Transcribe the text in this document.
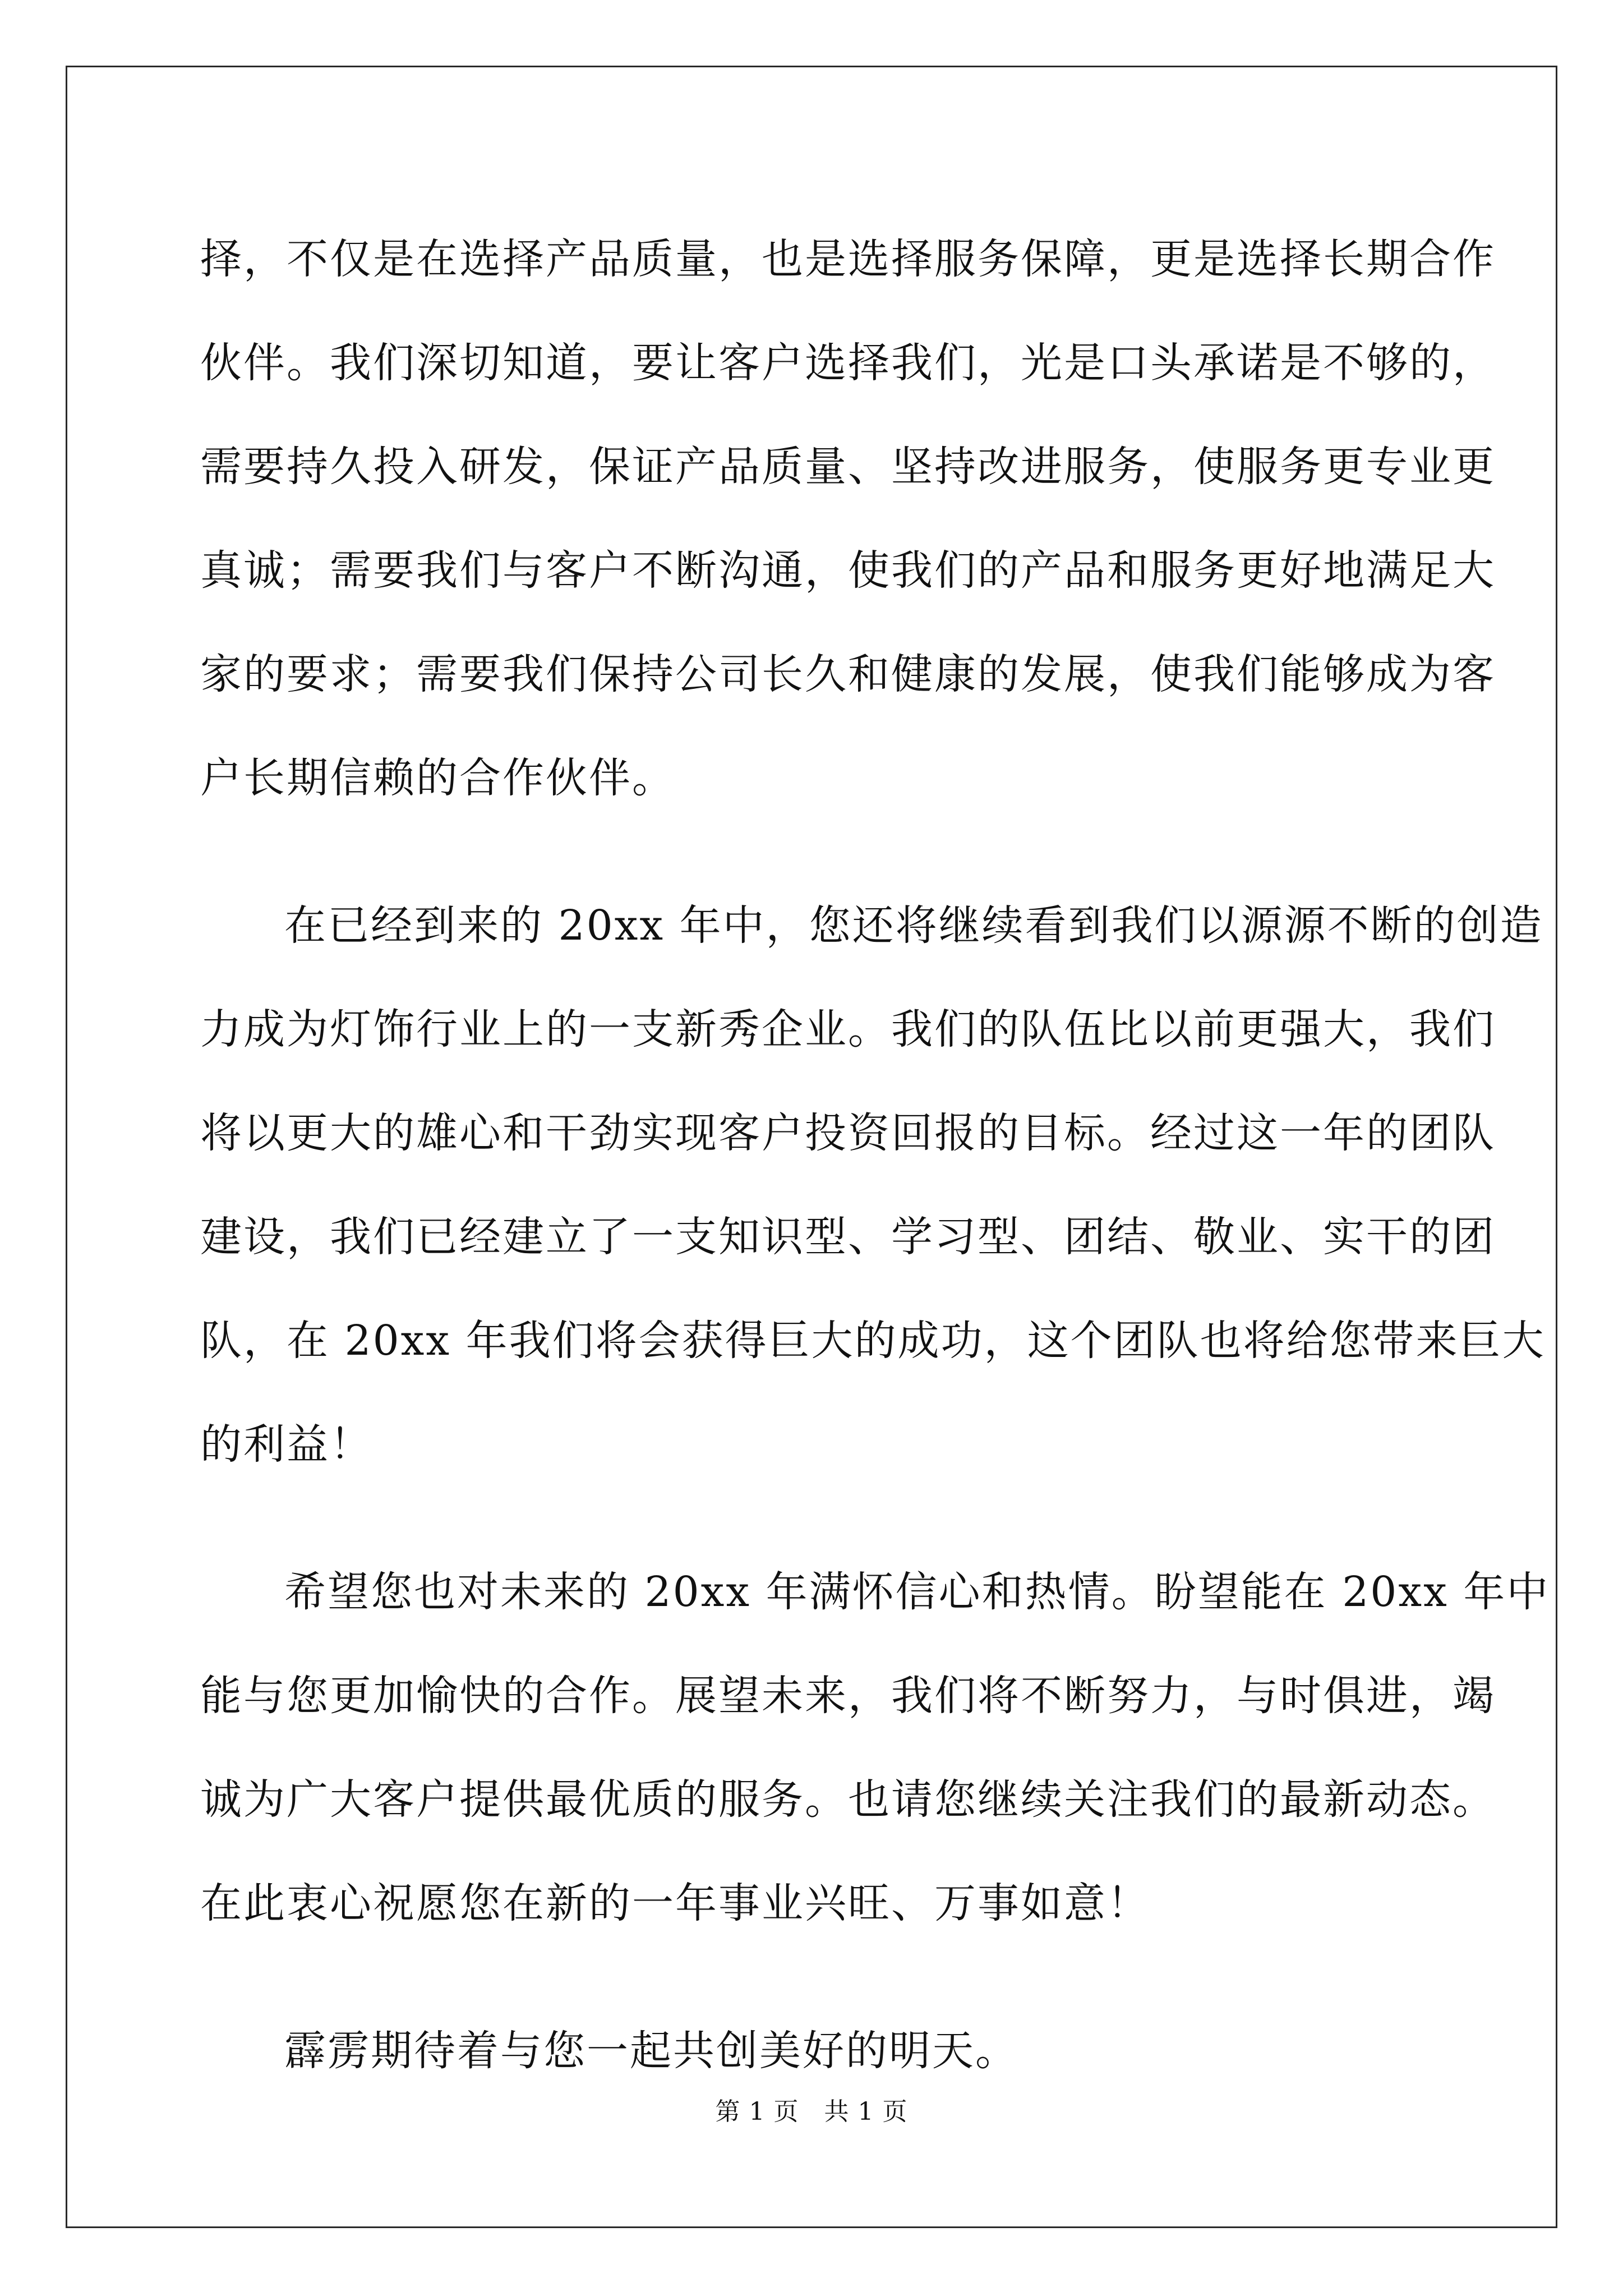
择，不仅是在选择产品质量，也是选择服务保障，更是选择长期合作
伙伴。我们深切知道，要让客户选择我们，光是口头承诺是不够的，
需要持久投入研发，保证产品质量、坚持改进服务，使服务更专业更
真诚；需要我们与客户不断沟通，使我们的产品和服务更好地满足大
家的要求；需要我们保持公司长久和健康的发展，使我们能够成为客
户长期信赖的合作伙伴。
在已经到来的 20xx 年中，您还将继续看到我们以源源不断的创造
力成为灯饰行业上的一支新秀企业。我们的队伍比以前更强大，我们
将以更大的雄心和干劲实现客户投资回报的目标。经过这一年的团队
建设，我们已经建立了一支知识型、学习型、团结、敬业、实干的团
队，在 20xx 年我们将会获得巨大的成功，这个团队也将给您带来巨大
的利益！
希望您也对未来的 20xx 年满怀信心和热情。盼望能在 20xx 年中
能与您更加愉快的合作。展望未来，我们将不断努力，与时俱进，竭
诚为广大客户提供最优质的服务。也请您继续关注我们的最新动态。
在此衷心祝愿您在新的一年事业兴旺、万事如意！
霹雳期待着与您一起共创美好的明天。
第 1 页　共 1 页
